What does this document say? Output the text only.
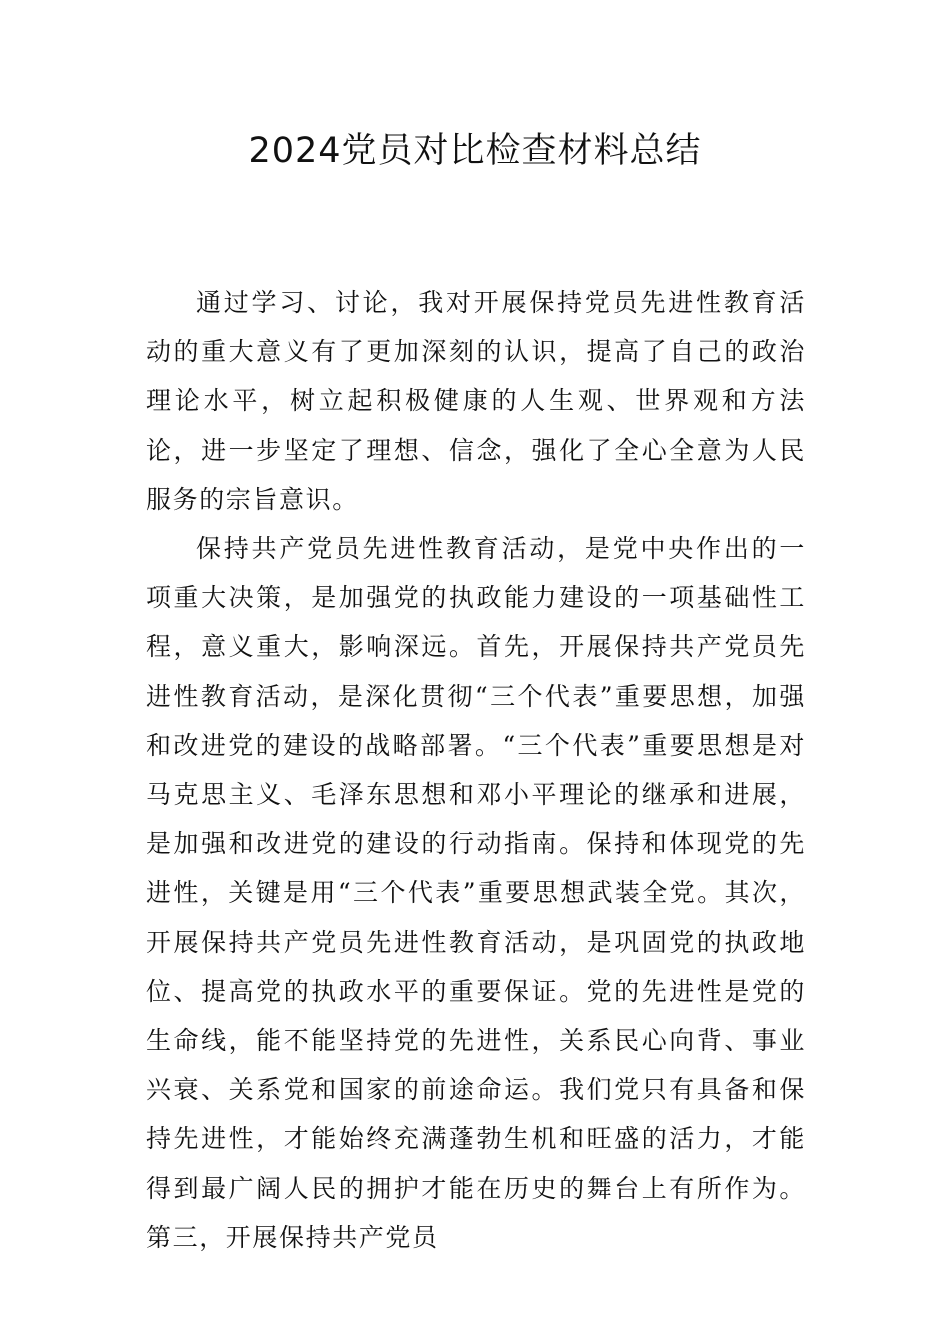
2024党员对比检查材料总结

通过学习、讨论，我对开展保持党员先进性教育活动的重大意义有了更加深刻的认识，提高了自己的政治理论水平，树立起积极健康的人生观、世界观和方法论，进一步坚定了理想、信念，强化了全心全意为人民服务的宗旨意识。

保持共产党员先进性教育活动，是党中央作出的一项重大决策，是加强党的执政能力建设的一项基础性工程，意义重大，影响深远。首先，开展保持共产党员先进性教育活动，是深化贯彻“三个代表”重要思想，加强和改进党的建设的战略部署。“三个代表”重要思想是对马克思主义、毛泽东思想和邓小平理论的继承和进展，是加强和改进党的建设的行动指南。保持和体现党的先进性，关键是用“三个代表”重要思想武装全党。其次，开展保持共产党员先进性教育活动，是巩固党的执政地位、提高党的执政水平的重要保证。党的先进性是党的生命线，能不能坚持党的先进性，关系民心向背、事业兴衰、关系党和国家的前途命运。我们党只有具备和保持先进性，才能始终充满蓬勃生机和旺盛的活力，才能得到最广阔人民的拥护才能在历史的舞台上有所作为。第三，开展保持共产党员
